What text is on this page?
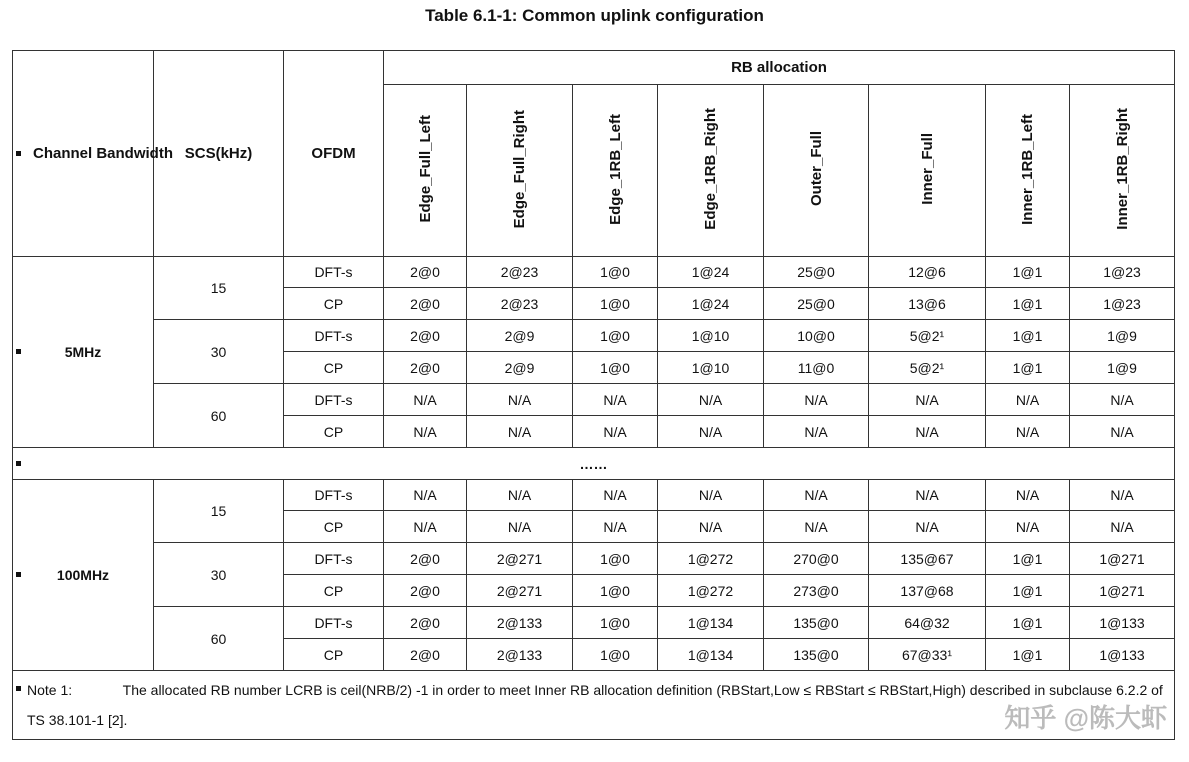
Table 6.1-1: Common uplink configuration
Channel Bandwidth	SCS(kHz)	OFDM	RB allocation							
			Edge_Full_Left	Edge_Full_Right	Edge_1RB_Left	Edge_1RB_Right	Outer_Full	Inner_Full	Inner_1RB_Left	Inner_1RB_Right

5MHz	15	DFT-s	2@0	2@23	1@0	1@24	25@0	12@6	1@1	1@23
		CP	2@0	2@23	1@0	1@24	25@0	13@6	1@1	1@23
	30	DFT-s	2@0	2@9	1@0	1@10	10@0	5@2¹	1@1	1@9
		CP	2@0	2@9	1@0	1@10	11@0	5@2¹	1@1	1@9
	60	DFT-s	N/A	N/A	N/A	N/A	N/A	N/A	N/A	N/A
		CP	N/A	N/A	N/A	N/A	N/A	N/A	N/A	N/A

……										

100MHz	15	DFT-s	N/A	N/A	N/A	N/A	N/A	N/A	N/A	N/A
		CP	N/A	N/A	N/A	N/A	N/A	N/A	N/A	N/A
	30	DFT-s	2@0	2@271	1@0	1@272	270@0	135@67	1@1	1@271
		CP	2@0	2@271	1@0	1@272	273@0	137@68	1@1	1@271
	60	DFT-s	2@0	2@133	1@0	1@134	135@0	64@32	1@1	1@133
		CP	2@0	2@133	1@0	1@134	135@0	67@33¹	1@1	1@133

Note 1: The allocated RB number LCRB is ceil(NRB/2) -1 in order to meet Inner RB allocation definition (RBStart,Low ≤ RBStart ≤ RBStart,High) described in subclause 6.2.2 of TS 38.101-1 [2].											知乎 @陈大虾
